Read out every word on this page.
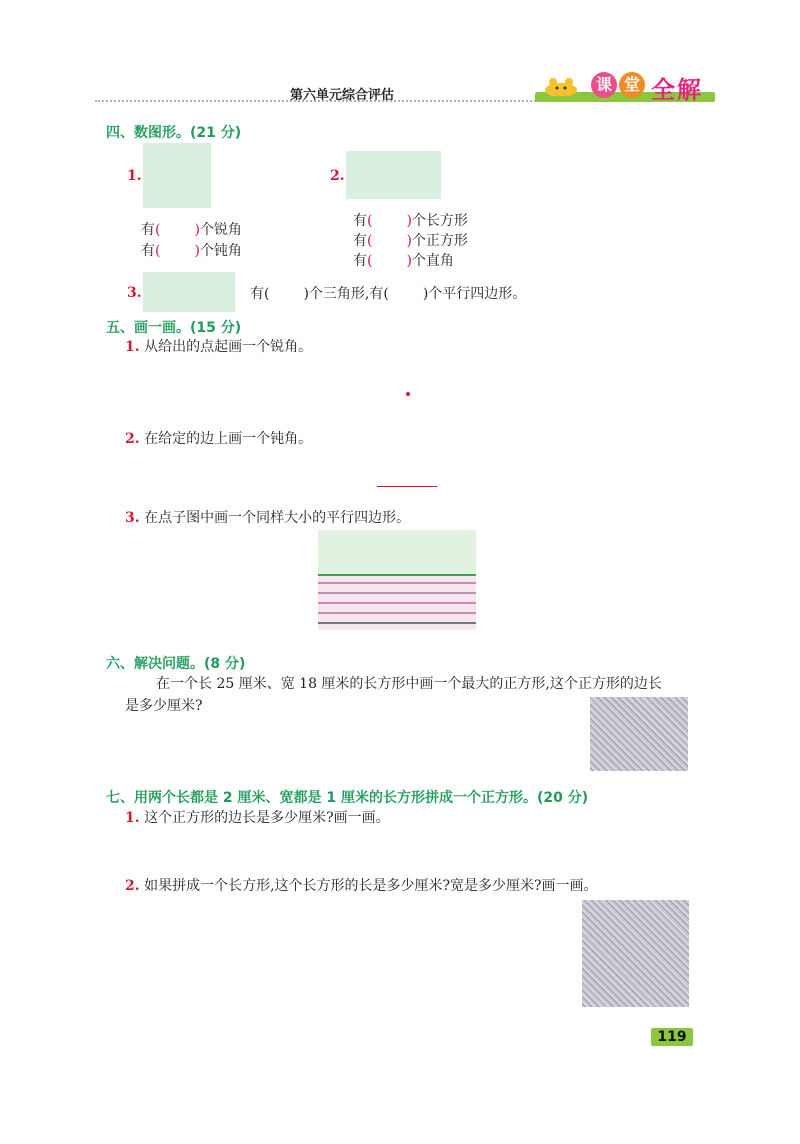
第六单元综合评估
课 堂 全解
四、数图形。(21 分)
1.
有( )个锐角
有( )个钝角
2.
有( )个长方形
有( )个正方形
有( )个直角
3.	有( )个三角形,有( )个平行四边形。
五、画一画。(15 分)
1. 从给出的点起画一个锐角。
2. 在给定的边上画一个钝角。
3. 在点子图中画一个同样大小的平行四边形。
六、解决问题。(8 分)
在一个长 25 厘米、宽 18 厘米的长方形中画一个最大的正方形,这个正方形的边长
是多少厘米?
七、用两个长都是 2 厘米、宽都是 1 厘米的长方形拼成一个正方形。(20 分)
1. 这个正方形的边长是多少厘米?画一画。
2. 如果拼成一个长方形,这个长方形的长是多少厘米?宽是多少厘米?画一画。
119
